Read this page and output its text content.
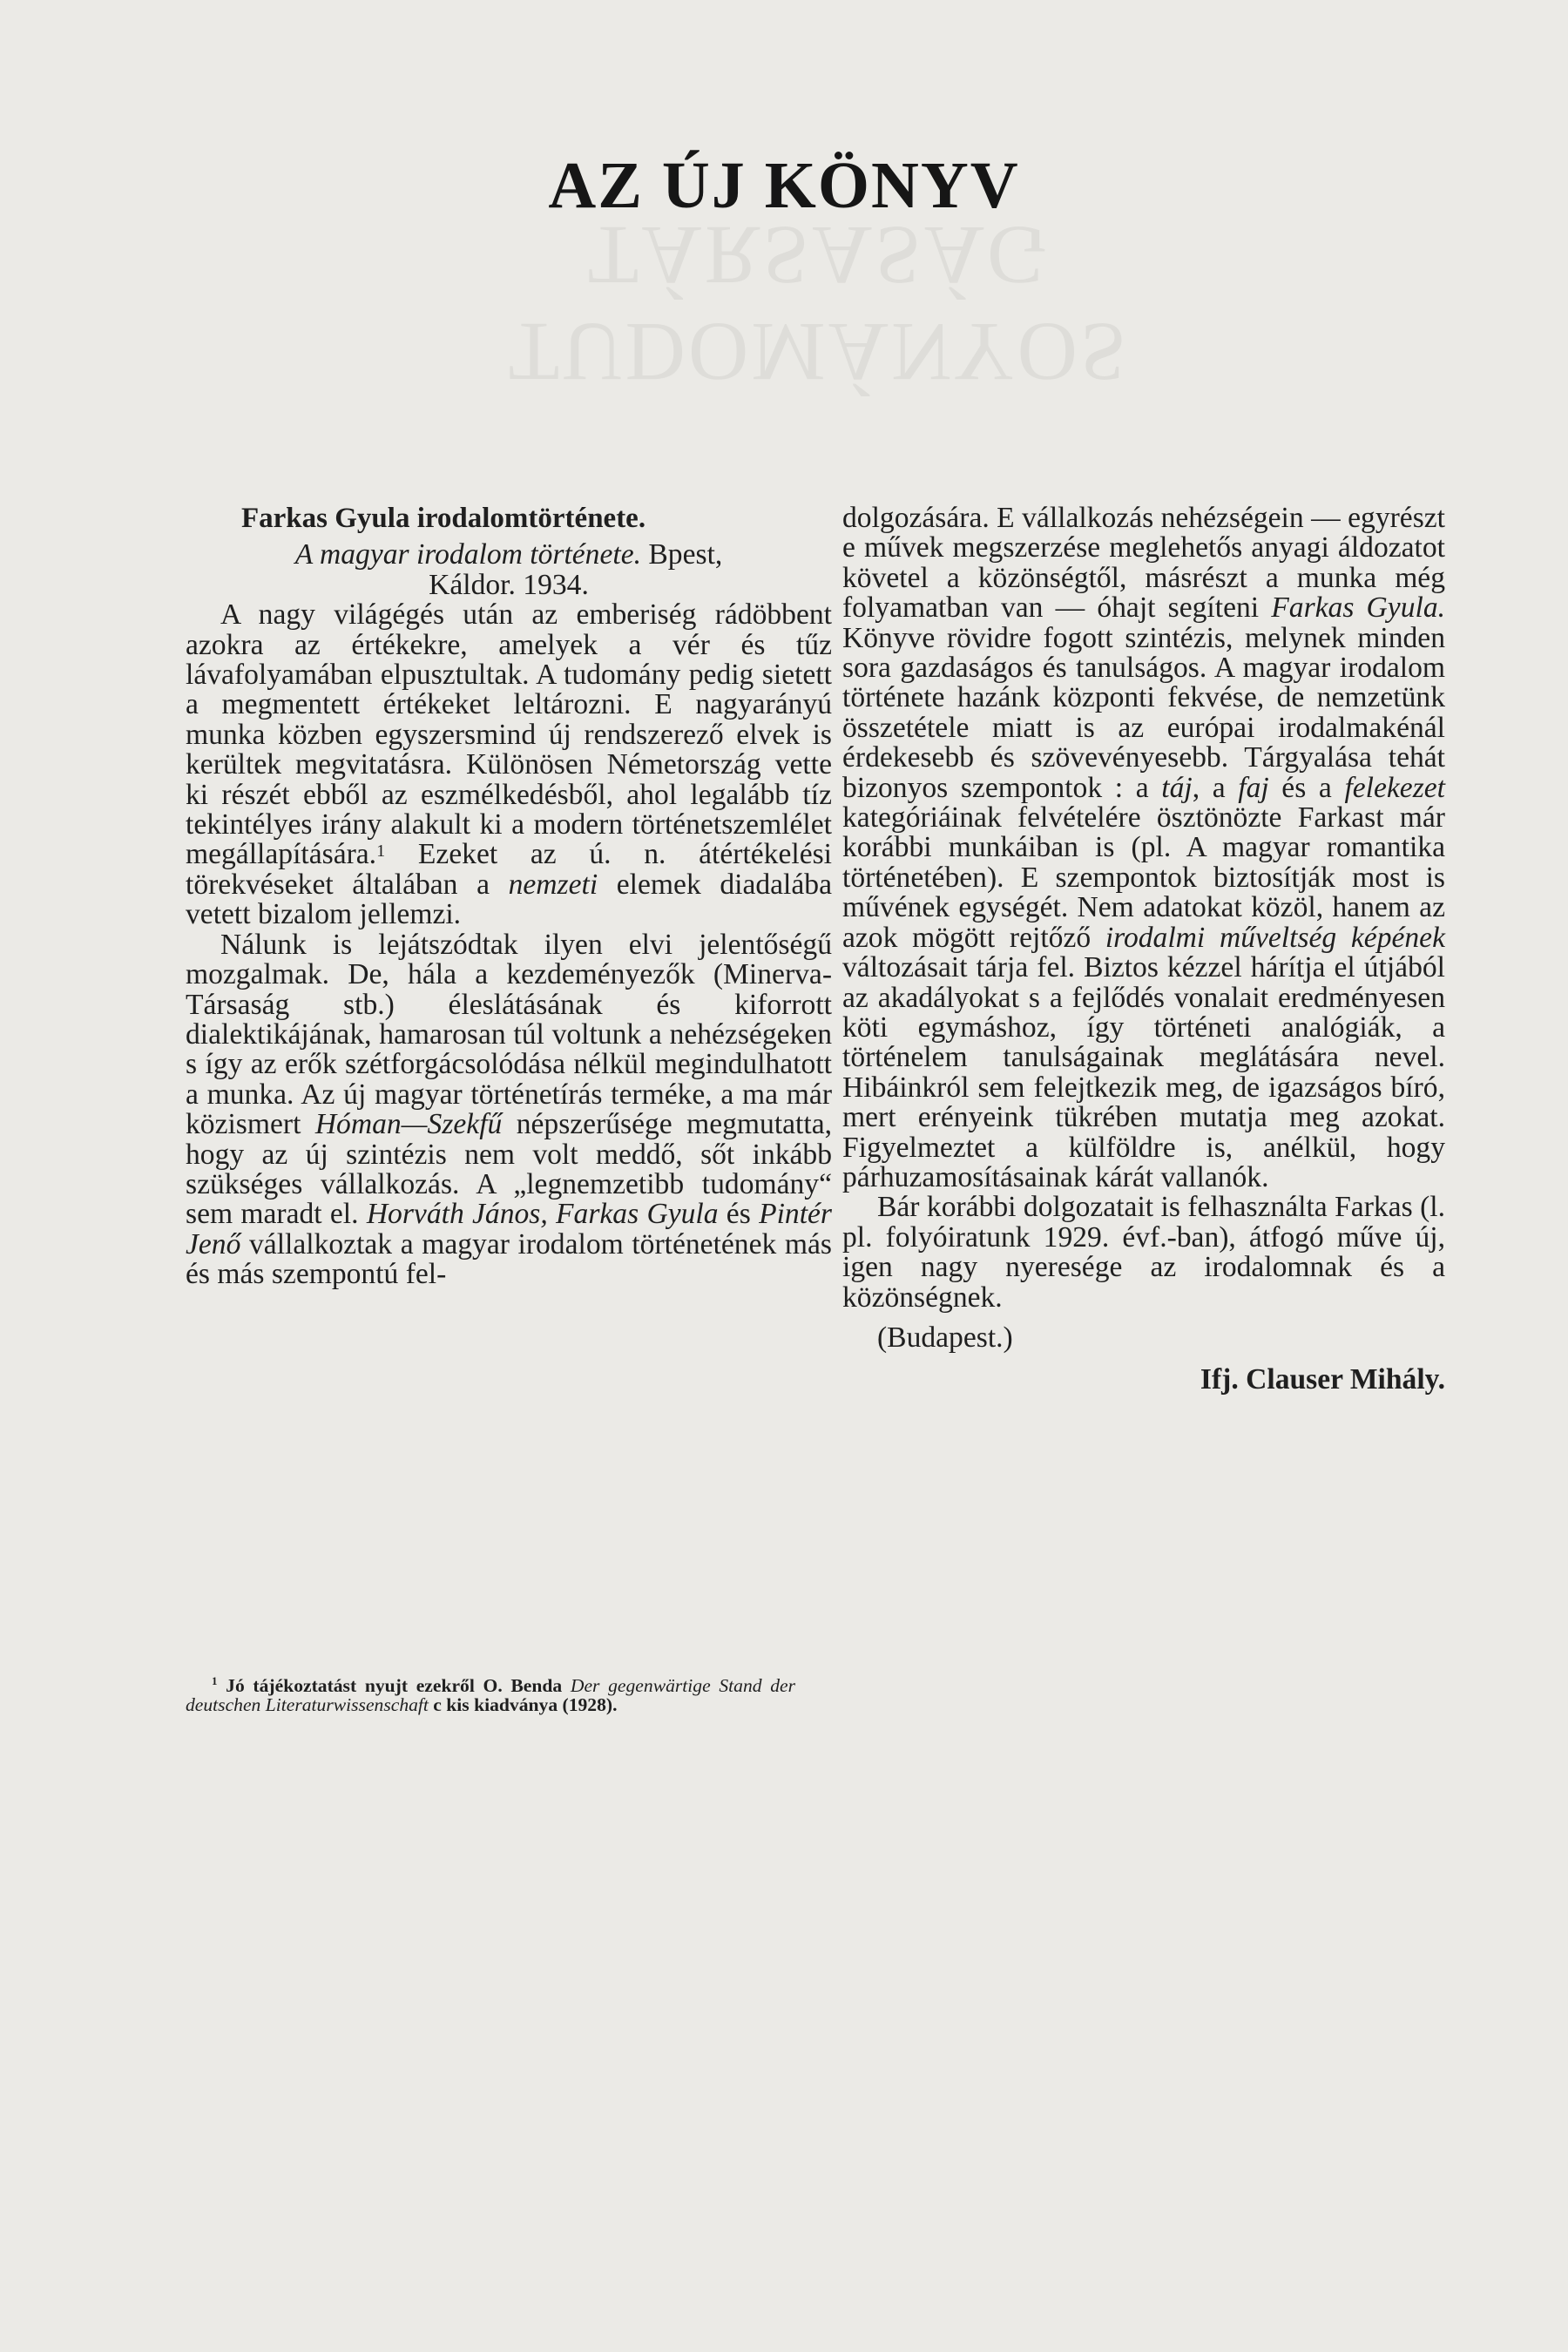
TUDOMÁNYOS TÁRSASÁG
AZ ÚJ KÖNYV

Farkas Gyula irodalomtörténete.

A magyar irodalom története. Bpest,
Káldor. 1934.

A nagy világégés után az emberiség rádöbbent azokra az értékekre, amelyek a vér és tűz lávafolyamában elpusztultak. A tudomány pedig sietett a megmentett értékeket leltározni. E nagyarányú munka közben egyszersmind új rendszerező elvek is kerültek megvitatásra. Különösen Németország vette ki részét ebből az eszmélkedésből, ahol legalább tíz tekintélyes irány alakult ki a modern történetszemlélet megállapítására.$^1$ Ezeket az ú. n. átértékelési törekvéseket általában a nemzeti elemek diadalába vetett bizalom jellemzi.

Nálunk is lejátszódtak ilyen elvi jelentőségű mozgalmak. De, hála a kezdeményezők (Minerva-Társaság stb.) éleslátásának és kiforrott dialektikájának, hamarosan túl voltunk a nehézségeken s így az erők szétforgácsolódása nélkül megindulhatott a munka. Az új magyar történetírás terméke, a ma már közismert Hóman—Szekfű népszerűsége megmutatta, hogy az új szintézis nem volt meddő, sőt inkább szükséges vállalkozás. A „legnemzetibb tudomány“ sem maradt el. Horváth János, Farkas Gyula és Pintér Jenő vállalkoztak a magyar irodalom történetének más és más szempontú fel-

dolgozására. E vállalkozás nehézségein — egyrészt e művek megszerzése meglehetős anyagi áldozatot követel a közönségtől, másrészt a munka még folyamatban van — óhajt segíteni Farkas Gyula. Könyve rövidre fogott szintézis, melynek minden sora gazdaságos és tanulságos. A magyar irodalom története hazánk központi fekvése, de nemzetünk összetétele miatt is az európai irodalmakénál érdekesebb és szövevényesebb. Tárgyalása tehát bizonyos szempontok : a táj, a faj és a felekezet kategóriáinak felvételére ösztönözte Farkast már korábbi munkáiban is (pl. A magyar romantika történetében). E szempontok biztosítják most is művének egységét. Nem adatokat közöl, hanem az azok mögött rejtőző irodalmi műveltség képének változásait tárja fel. Biztos kézzel hárítja el útjából az akadályokat s a fejlődés vonalait eredményesen köti egymáshoz, így történeti analógiák, a történelem tanulságainak meglátására nevel. Hibáinkról sem felejtkezik meg, de igazságos bíró, mert erényeink tükrében mutatja meg azokat. Figyelmeztet a külföldre is, anélkül, hogy párhuzamosításainak kárát vallanók.

Bár korábbi dolgozatait is felhasználta Farkas (l. pl. folyóiratunk 1929. évf.-ban), átfogó műve új, igen nagy nyeresége az irodalomnak és a közönségnek.

(Budapest.)

Ifj. Clauser Mihály.

$^1$ Jó tájékoztatást nyujt ezekről O. Benda Der gegenwärtige Stand der deutschen Literaturwissenschaft c kis kiadványa (1928).
